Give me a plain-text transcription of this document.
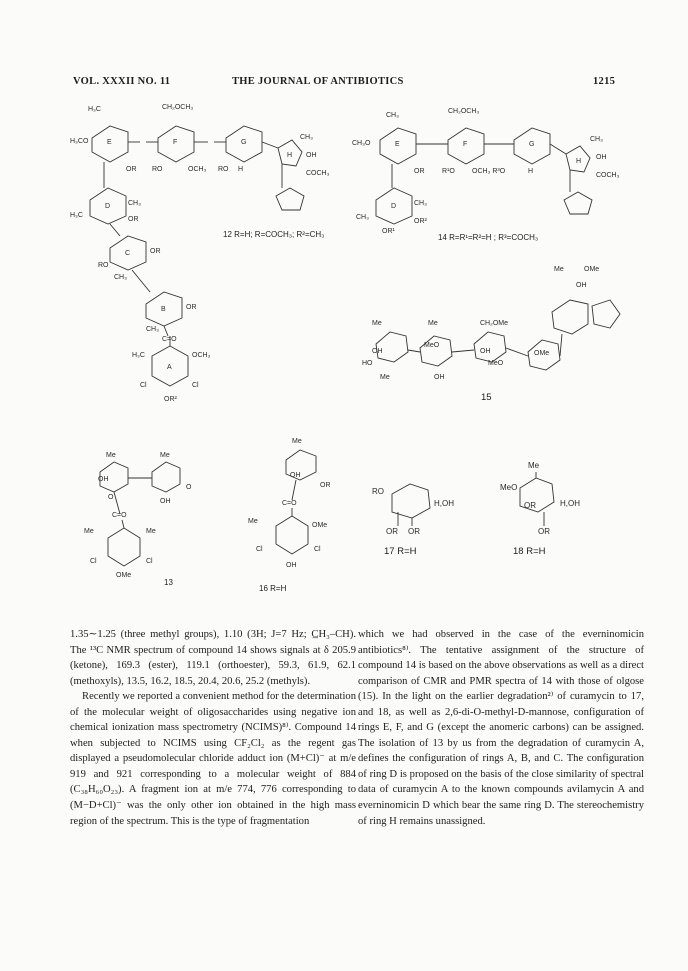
VOL. XXXII NO. 11	THE JOURNAL OF ANTIBIOTICS	1215
H₃C	CH₂OCH₃
H₃CO	E	F	G
H
CH₃
OH
COCH₃
OR RO	OCH₃ RO H
D	CH₃
H₃C
OR
C	OR
RO
CH₃
B	OR
CH₃
C=O
H₃C	OCH₃
A
Cl	Cl
OR²
12 R=H; R=COCH₃; R²=CH₃
CH₃
CH₂OCH₃
CH₃O	E	F	G
H
CH₃
OH
COCH₃
OR	R¹O OCH₃ R³O	H
D	CH₃
CH₃
OR¹
OR²
14 R=R¹=R²=H ; R³=COCH₃
Me	OMe
OH
Me	Me	CH₂OMe
OH
MeO
OH
HO	MeO
OMe
Me	OH
15
Me	Me
OH
O
O
OH
C=O
Me	Me
Cl	Cl
OMe
13
Me
OH
OR
C=O
Me
OMe
Cl	Cl
OH
16 R=H
RO
H,OH
OR OR
17 R=H
Me
MeO
OR	H,OH
OR
18 R=H

1.35∼1.25 (three methyl groups), 1.10 (3H; J=7 Hz; C̲H₃–CH). The ¹³C NMR spectrum of compound 14 shows signals at δ 205.9 (ketone), 169.3 (ester), 119.1 (orthoester), 59.3, 61.9, 62.1 (methoxyls), 13.5, 16.2, 18.5, 20.4, 20.6, 25.2 (methyls).

Recently we reported a convenient method for the determination of the molecular weight of oligosaccharides using negative ion chemical ionization mass spectrometry (NCIMS)⁸⁾. Compound 14 when subjected to NCIMS using CF₂Cl₂ as the regent gas displayed a pseudomolecular chloride adduct ion (M+Cl)⁻ at m/e 919 and 921 corresponding to a molecular weight of 884 (C₃₈H₆₀O₂₃). A fragment ion at m/e 774, 776 corresponding to (M−D+Cl)⁻ was the only other ion obtained in the high mass region of the spectrum. This is the type of fragmentation

which we had observed in the case of the everninomicin antibiotics⁸⁾. The tentative assignment of the structure of compound 14 is based on the above observations as well as a direct comparison of CMR and PMR spectra of 14 with those of olgose (15). In the light on the earlier degradation²⁾ of curamycin to 17, and 18, as well as 2,6-di-O-methyl-D-mannose, configuration of rings E, F, and G (except the anomeric carbons) can be assigned. The isolation of 13 by us from the degradation of curamycin A, defines the configuration of rings A, B, and C. The configuration of ring D is proposed on the basis of the close similarity of spectral data of curamycin A to the known compounds avilamycin A and everninomicin D which bear the same ring D. The stereochemistry of ring H remains unassigned.
